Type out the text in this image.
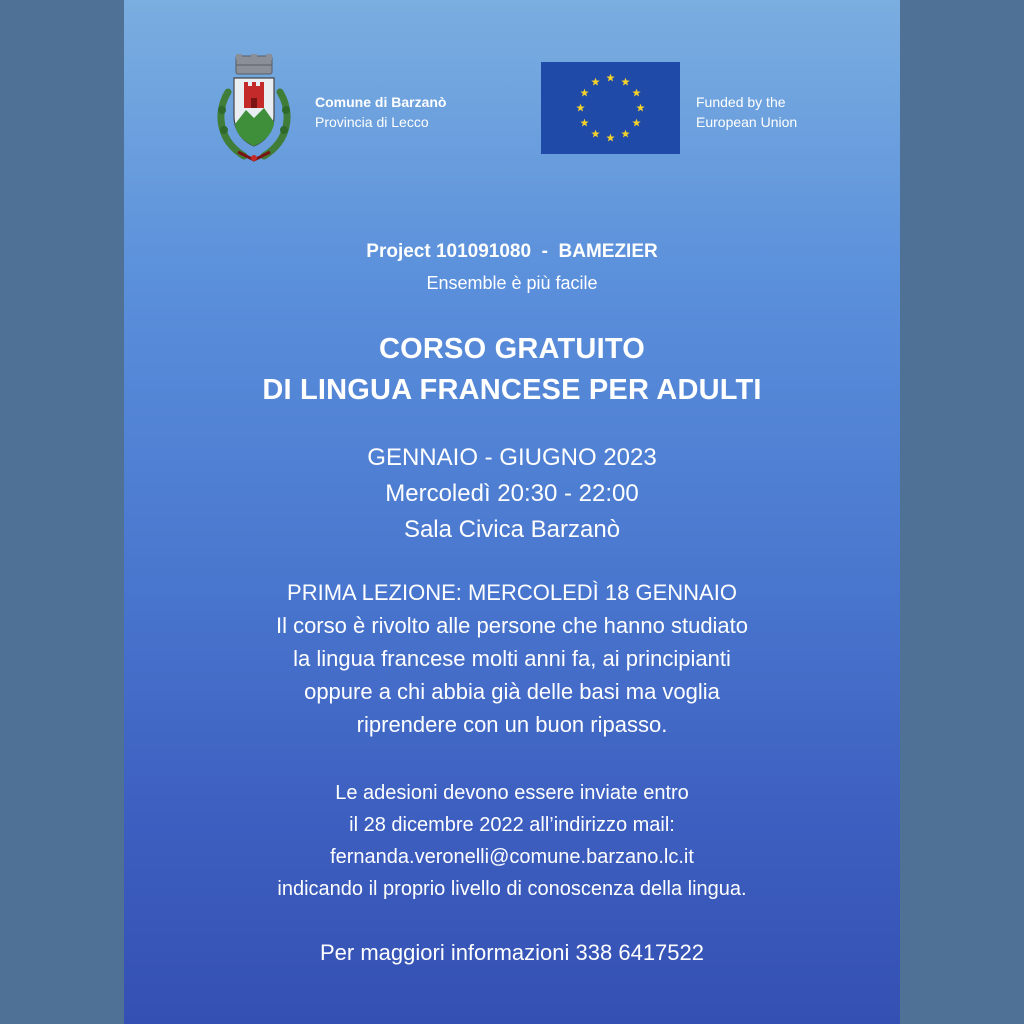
Comune di Barzanò
Provincia di Lecco
Funded by the
European Union
Project 101091080  -  BAMEZIER
Ensemble è più facile
CORSO GRATUITO
DI LINGUA FRANCESE PER ADULTI
GENNAIO - GIUGNO 2023
Mercoledì 20:30 - 22:00
Sala Civica Barzanò
PRIMA LEZIONE: MERCOLEDÌ 18 GENNAIO
Il corso è rivolto alle persone che hanno studiato
la lingua francese molti anni fa, ai principianti
oppure a chi abbia già delle basi ma voglia
riprendere con un buon ripasso.
Le adesioni devono essere inviate entro
il 28 dicembre 2022 all’indirizzo mail:
fernanda.veronelli@comune.barzano.lc.it
indicando il proprio livello di conoscenza della lingua.
Per maggiori informazioni 338 6417522
